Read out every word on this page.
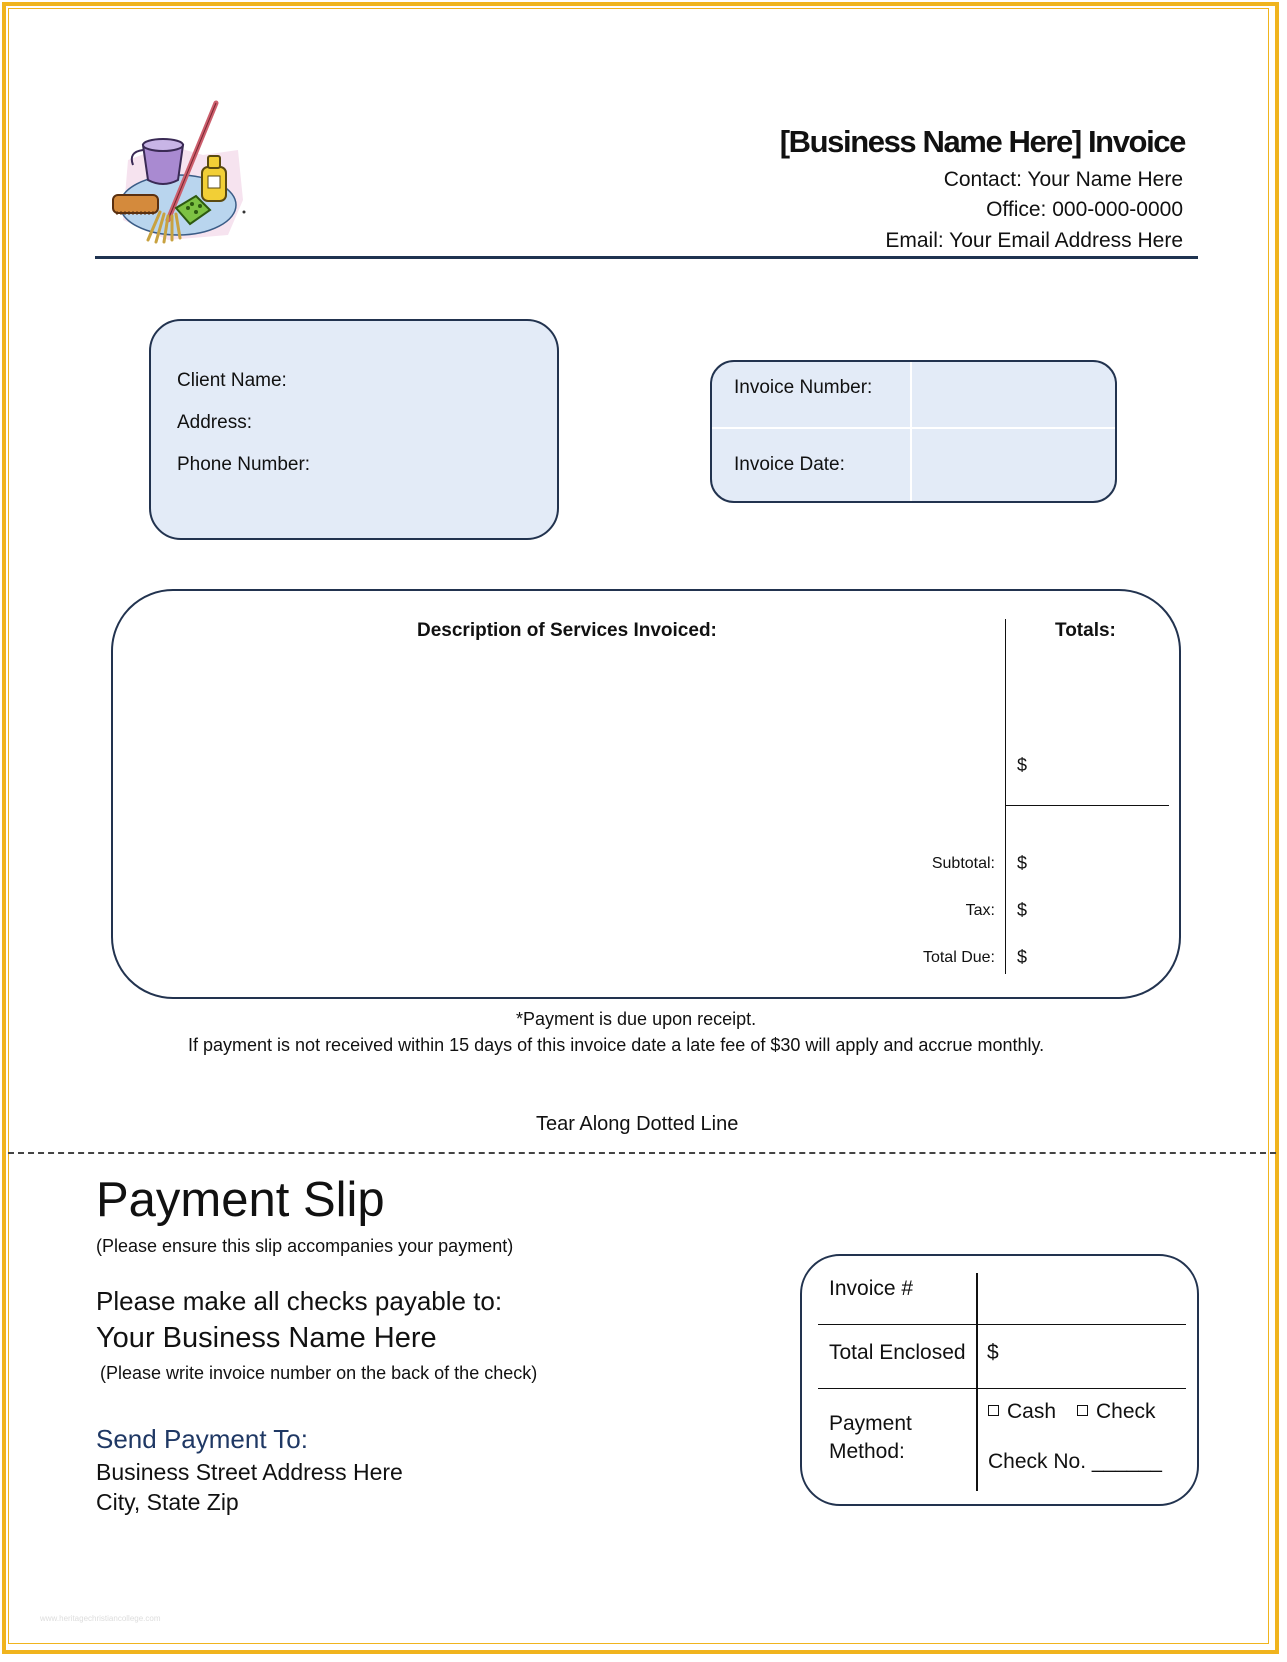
[Business Name Here] Invoice
Contact: Your Name Here
Office: 000-000-0000
Email: Your Email Address Here
Client Name:
Address:
Phone Number:
Invoice Number:
Invoice Date:
Description of Services Invoiced:	Totals:
$
Subtotal: $
Tax: $
Total Due: $
*Payment is due upon receipt.
If payment is not received within 15 days of this invoice date a late fee of $30 will apply and accrue monthly.
Tear Along Dotted Line
Payment Slip
(Please ensure this slip accompanies your payment)
Please make all checks payable to:
Your Business Name Here
(Please write invoice number on the back of the check)
Send Payment To:
Business Street Address Here
City, State Zip
Invoice #
Total Enclosed $
Payment Method:
Cash	Check
Check No. ______
www.heritagechristiancollege.com
